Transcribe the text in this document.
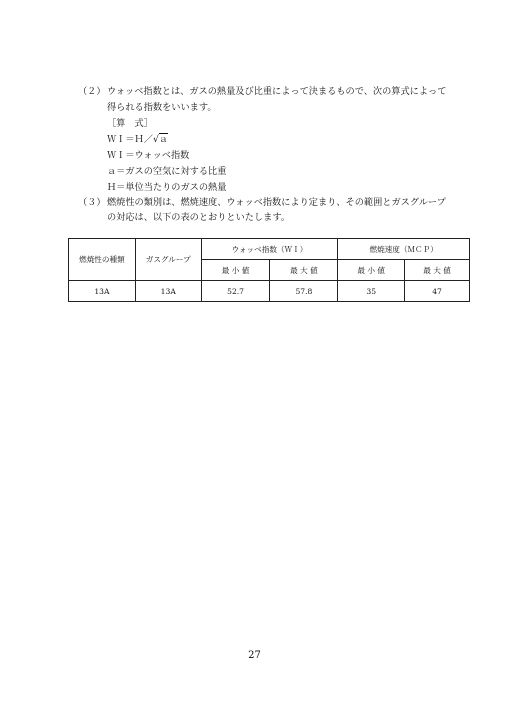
（２） ウォッベ指数とは、ガスの熱量及び比重によって決まるもので、次の算式によって
得られる指数をいいます。
［算　式］
ＷＩ＝Ｈ／√ａ
ＷＩ＝ウォッベ指数
ａ＝ガスの空気に対する比重
Ｈ＝単位当たりのガスの熱量
（３） 燃焼性の類別は、燃焼速度、ウォッベ指数により定まり、その範囲とガスグループ
の対応は、以下の表のとおりといたします。
燃焼性の種類	ガスグループ	ウォッベ指数（ＷＩ）		燃焼速度（ＭＣＰ）	
		最 小 値	最 大 値	最 小 値	最 大 値
13A	13A	52.7	57.8	35	47
27
